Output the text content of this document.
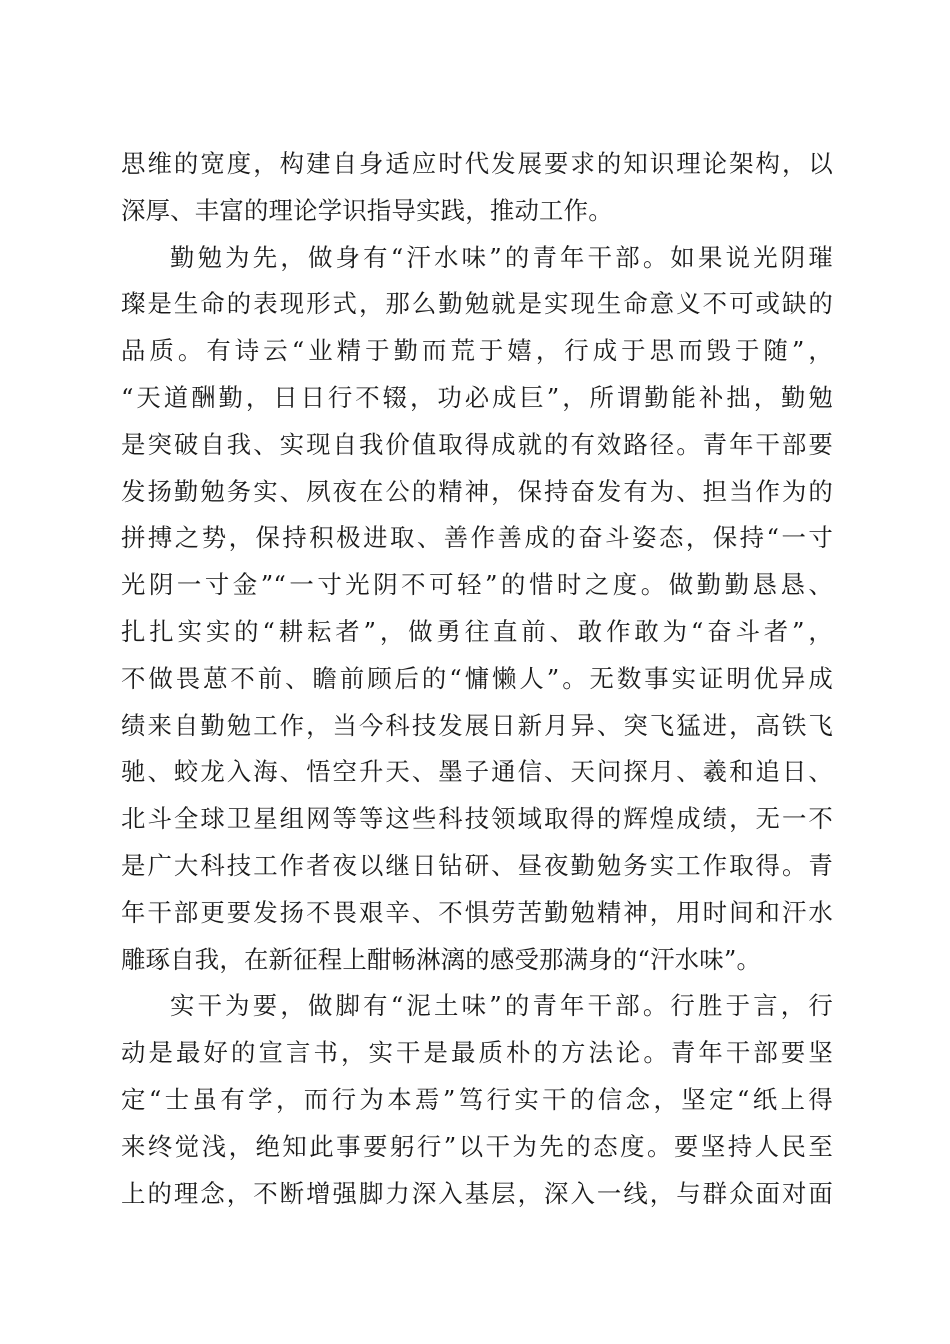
思维的宽度，构建自身适应时代发展要求的知识理论架构，以
深厚、丰富的理论学识指导实践，推动工作。
勤勉为先，做身有“汗水味”的青年干部。如果说光阴璀
璨是生命的表现形式，那么勤勉就是实现生命意义不可或缺的
品质。有诗云“业精于勤而荒于嬉，行成于思而毁于随”，
“天道酬勤，日日行不辍，功必成巨”，所谓勤能补拙，勤勉
是突破自我、实现自我价值取得成就的有效路径。青年干部要
发扬勤勉务实、夙夜在公的精神，保持奋发有为、担当作为的
拼搏之势，保持积极进取、善作善成的奋斗姿态，保持“一寸
光阴一寸金”“一寸光阴不可轻”的惜时之度。做勤勤恳恳、
扎扎实实的“耕耘者”，做勇往直前、敢作敢为“奋斗者”，
不做畏葸不前、瞻前顾后的“慵懒人”。无数事实证明优异成
绩来自勤勉工作，当今科技发展日新月异、突飞猛进，高铁飞
驰、蛟龙入海、悟空升天、墨子通信、天问探月、羲和追日、
北斗全球卫星组网等等这些科技领域取得的辉煌成绩，无一不
是广大科技工作者夜以继日钻研、昼夜勤勉务实工作取得。青
年干部更要发扬不畏艰辛、不惧劳苦勤勉精神，用时间和汗水
雕琢自我，在新征程上酣畅淋漓的感受那满身的“汗水味”。
实干为要，做脚有“泥土味”的青年干部。行胜于言，行
动是最好的宣言书，实干是最质朴的方法论。青年干部要坚
定“士虽有学，而行为本焉”笃行实干的信念，坚定“纸上得
来终觉浅，绝知此事要躬行”以干为先的态度。要坚持人民至
上的理念，不断增强脚力深入基层，深入一线，与群众面对面
